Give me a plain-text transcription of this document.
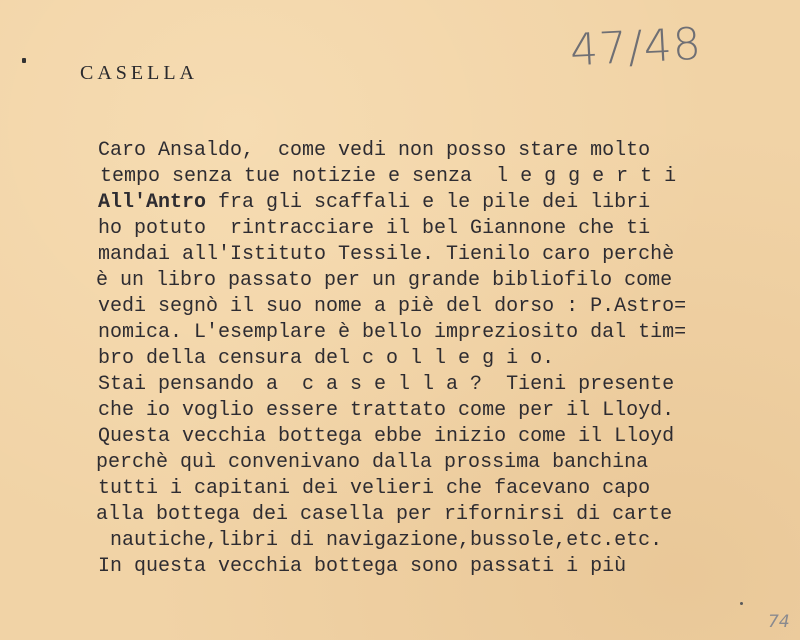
CASELLA	47/48
Caro Ansaldo,  come vedi non posso stare molto
tempo senza tue notizie e senza  l e g g e r t i
All'Antro fra gli scaffali e le pile dei libri
ho potuto  rintracciare il bel Giannone che ti
mandai all'Istituto Tessile. Tienilo caro perchè
è un libro passato per un grande bibliofilo come
vedi segnò il suo nome a piè del dorso : P.Astro=
nomica. L'esemplare è bello impreziosito dal tim=
bro della censura del c o l l e g i o.
Stai pensando a  c a s e l l a ?  Tieni presente
che io voglio essere trattato come per il Lloyd.
Questa vecchia bottega ebbe inizio come il Lloyd
perchè quì convenivano dalla prossima banchina
tutti i capitani dei velieri che facevano capo
alla bottega dei casella per rifornirsi di carte
nautiche,libri di navigazione,bussole,etc.etc.
In questa vecchia bottega sono passati i più
74
